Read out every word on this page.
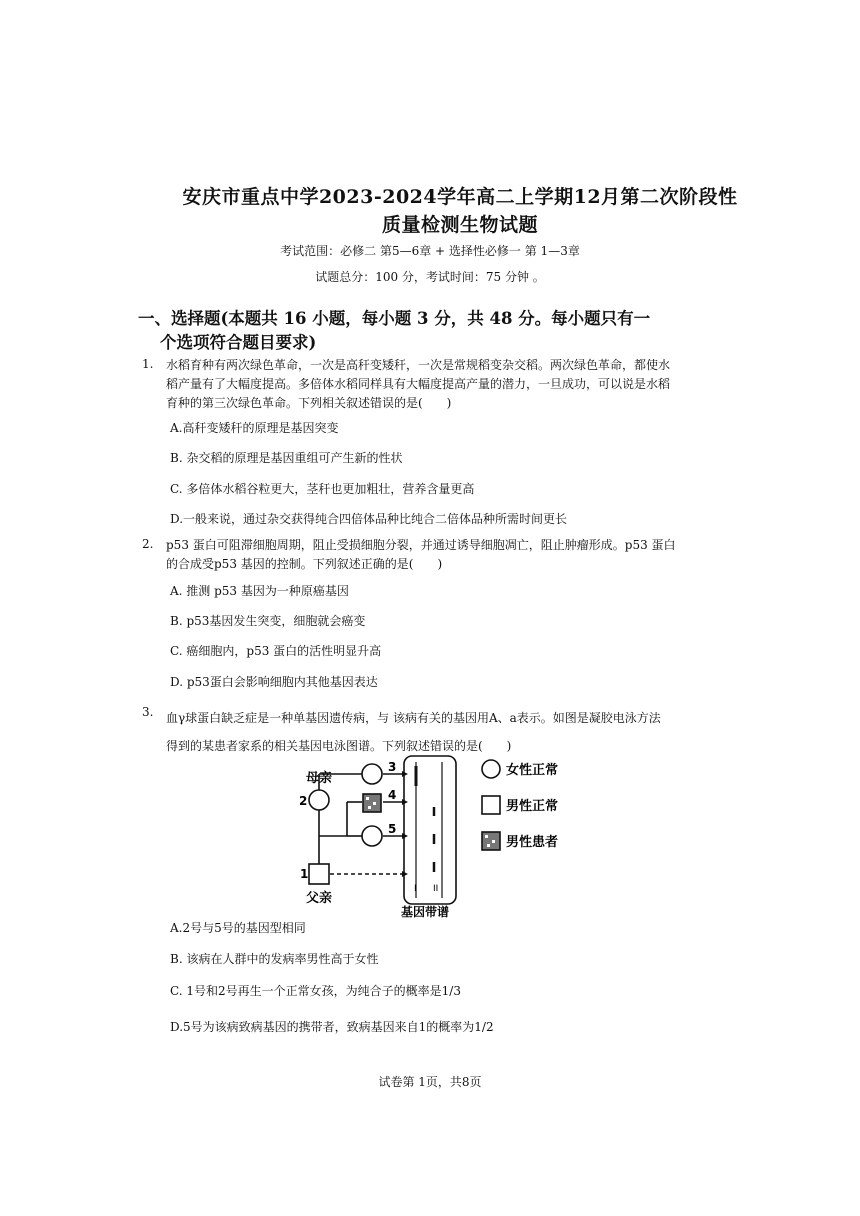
安庆市重点中学2023-2024学年高二上学期12月第二次阶段性
质量检测生物试题
考试范围：必修二 第5—6章 + 选择性必修一 第 1—3章
试题总分：100 分，考试时间：75 分钟 。
一、选择题(本题共 16 小题，每小题 3 分，共 48 分。每小题只有一
个选项符合题目要求)
1. 水稻育种有两次绿色革命，一次是高秆变矮秆，一次是常规稻变杂交稻。两次绿色革命，都使水
稻产量有了大幅度提高。多倍体水稻同样具有大幅度提高产量的潜力，一旦成功，可以说是水稻
育种的第三次绿色革命。下列相关叙述错误的是(　　)
A.高秆变矮秆的原理是基因突变
B. 杂交稻的原理是基因重组可产生新的性状
C. 多倍体水稻谷粒更大，茎秆也更加粗壮，营养含量更高
D.一般来说，通过杂交获得纯合四倍体品种比纯合二倍体品种所需时间更长
2. p53 蛋白可阻滞细胞周期，阻止受损细胞分裂，并通过诱导细胞凋亡，阻止肿瘤形成。p53 蛋白
的合成受p53 基因的控制。下列叙述正确的是(　　)
A. 推测 p53 基因为一种原癌基因
B. p53基因发生突变，细胞就会癌变
C. 癌细胞内，p53 蛋白的活性明显升高
D. p53蛋白会影响细胞内其他基因表达
3. 血γ球蛋白缺乏症是一种单基因遗传病，与 该病有关的基因用A、a表示。如图是凝胶电泳方法
得到的某患者家系的相关基因电泳图谱。下列叙述错误的是(　　)
母亲
父亲
1
2
3
4
5
I II
基因带谱
女性正常
男性正常
男性患者
A.2号与5号的基因型相同
B. 该病在人群中的发病率男性高于女性
C. 1号和2号再生一个正常女孩，为纯合子的概率是1/3
D.5号为该病致病基因的携带者，致病基因来自1的概率为1/2
试卷第 1页，共8页
